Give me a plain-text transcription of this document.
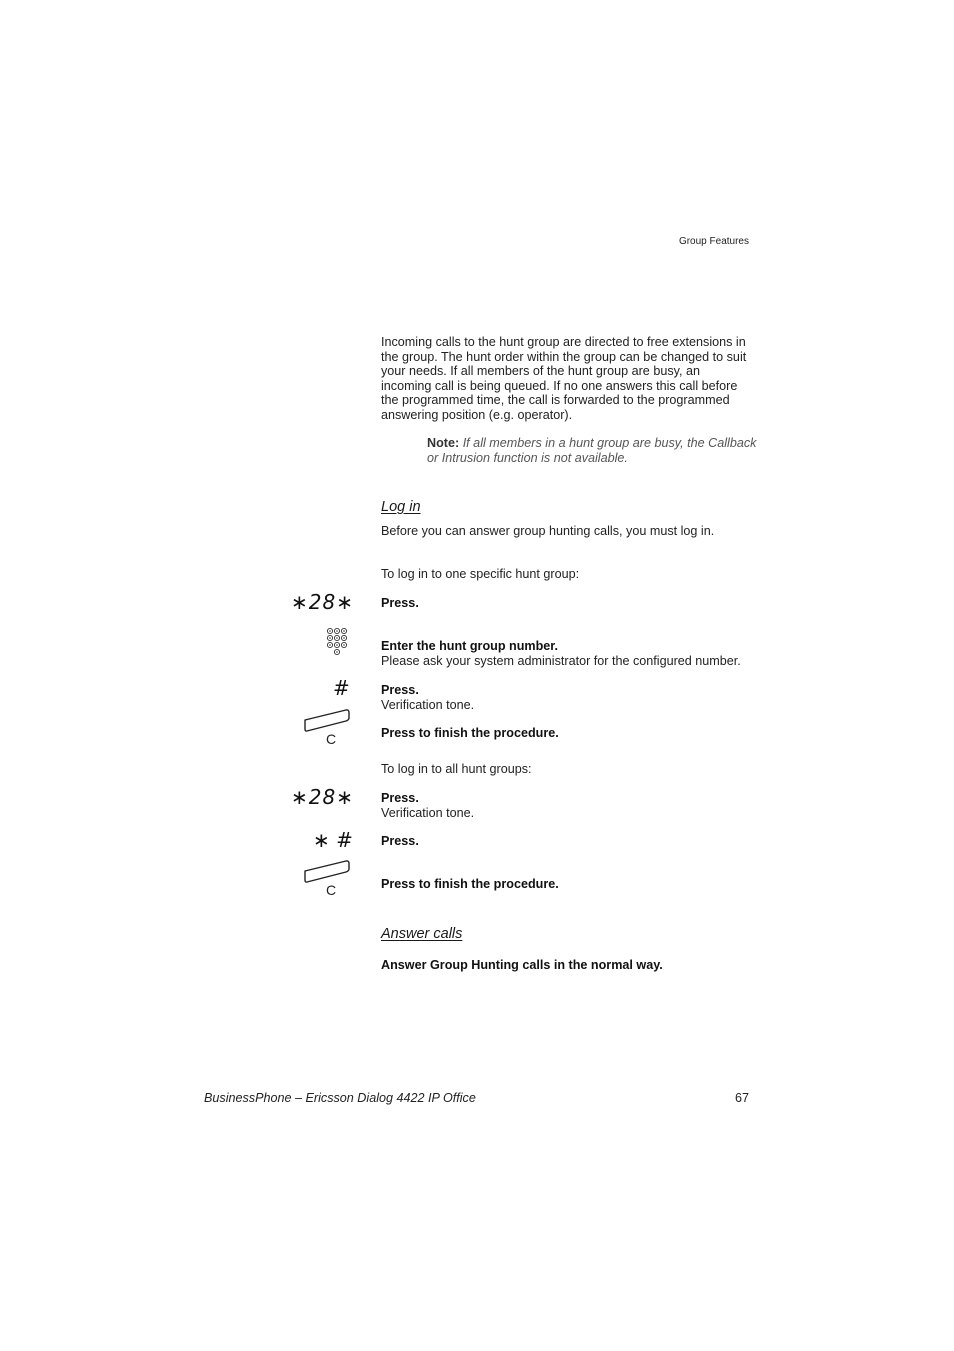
Group Features
Incoming calls to the hunt group are directed to free extensions in the group. The hunt order within the group can be changed to suit your needs. If all members of the hunt group are busy, an incoming call is being queued. If no one answers this call before the programmed time, the call is forwarded to the programmed answering position (e.g. operator).
Note: If all members in a hunt group are busy, the Callback or Intrusion function is not available.
Log in
Before you can answer group hunting calls, you must log in.
To log in to one specific hunt group:
∗28∗ Press.
Enter the hunt group number.
Please ask your system administrator for the configured number.
# Press.
Verification tone.
C	Press to finish the procedure.
To log in to all hunt groups:
∗28∗ Press.
Verification tone.
∗ # Press.
C	Press to finish the procedure.
Answer calls
Answer Group Hunting calls in the normal way.
BusinessPhone – Ericsson Dialog 4422 IP Office	67
